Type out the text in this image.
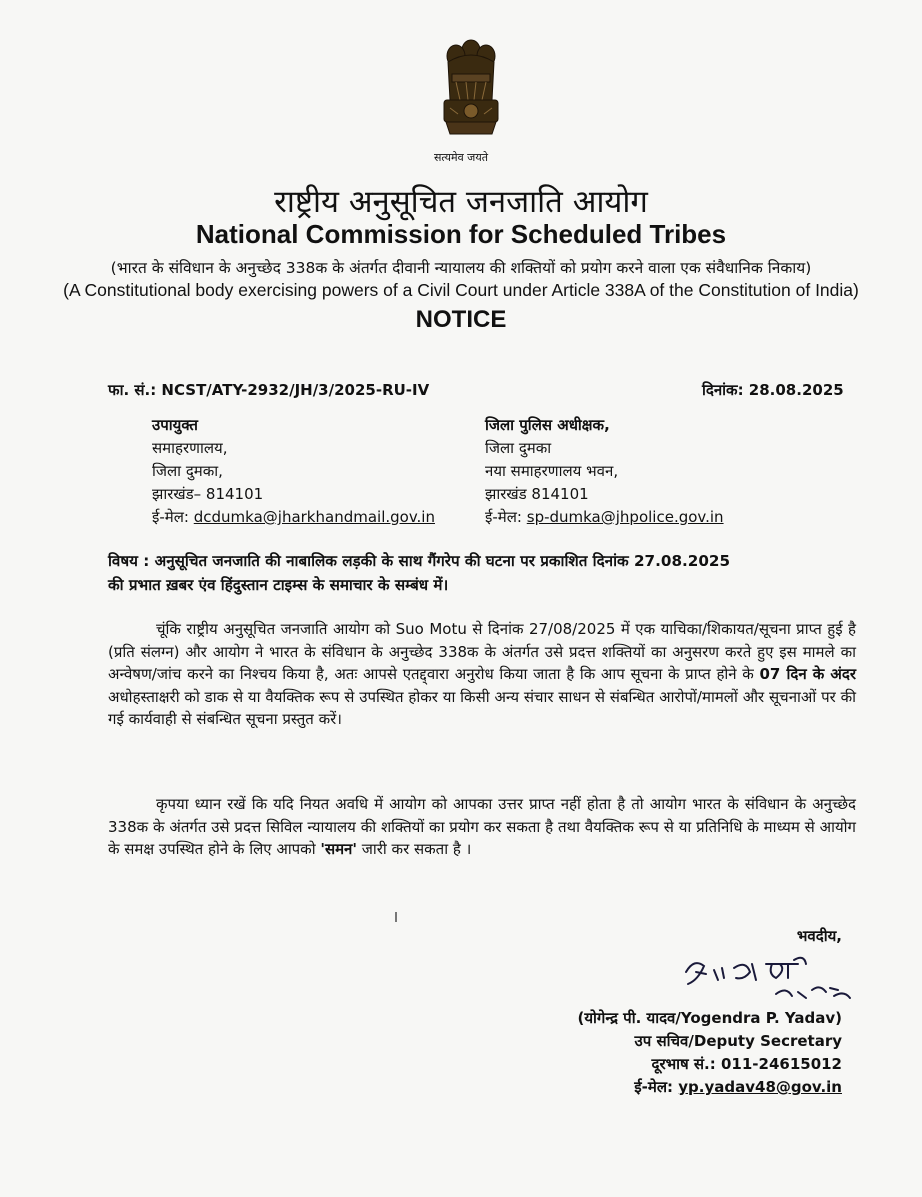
सत्यमेव जयते
राष्ट्रीय अनुसूचित जनजाति आयोग
National Commission for Scheduled Tribes
(भारत के संविधान के अनुच्छेद 338क के अंतर्गत दीवानी न्यायालय की शक्तियों को प्रयोग करने वाला एक संवैधानिक निकाय)
(A Constitutional body exercising powers of a Civil Court under Article 338A of the Constitution of India)
NOTICE
फा. सं.: NCST/ATY-2932/JH/3/2025-RU-IV	दिनांक: 28.08.2025
उपायुक्त
समाहरणालय,
जिला दुमका,
झारखंड– 814101
ई-मेल: dcdumka@jharkhandmail.gov.in
जिला पुलिस अधीक्षक,
जिला दुमका
नया समाहरणालय भवन,
झारखंड 814101
ई-मेल: sp-dumka@jhpolice.gov.in
विषय : अनुसूचित जनजाति की नाबालिक लड़की के साथ गैंगरेप की घटना पर प्रकाशित दिनांक 27.08.2025
की प्रभात ख़बर एंव हिंदुस्तान टाइम्स के समाचार के सम्बंध में।
चूंकि राष्ट्रीय अनुसूचित जनजाति आयोग को Suo Motu से दिनांक 27/08/2025 में एक याचिका/शिकायत/सूचना प्राप्त हुई है (प्रति संलग्न) और आयोग ने भारत के संविधान के अनुच्छेद 338क के अंतर्गत उसे प्रदत्त शक्तियों का अनुसरण करते हुए इस मामले का अन्वेषण/जांच करने का निश्चय किया है, अतः आपसे एतद्द्वारा अनुरोध किया जाता है कि आप सूचना के प्राप्त होने के 07 दिन के अंदर अधोहस्ताक्षरी को डाक से या वैयक्तिक रूप से उपस्थित होकर या किसी अन्य संचार साधन से संबन्धित आरोपों/मामलों और सूचनाओं पर की गई कार्यवाही से संबन्धित सूचना प्रस्तुत करें।
कृपया ध्यान रखें कि यदि नियत अवधि में आयोग को आपका उत्तर प्राप्त नहीं होता है तो आयोग भारत के संविधान के अनुच्छेद 338क के अंतर्गत उसे प्रदत्त सिविल न्यायालय की शक्तियों का प्रयोग कर सकता है तथा वैयक्तिक रूप से या प्रतिनिधि के माध्यम से आयोग के समक्ष उपस्थित होने के लिए आपको 'समन' जारी कर सकता है ।
भवदीय,
(योगेन्द्र पी. यादव/Yogendra P. Yadav)
उप सचिव/Deputy Secretary
दूरभाष सं.: 011-24615012
ई-मेल: yp.yadav48@gov.in
